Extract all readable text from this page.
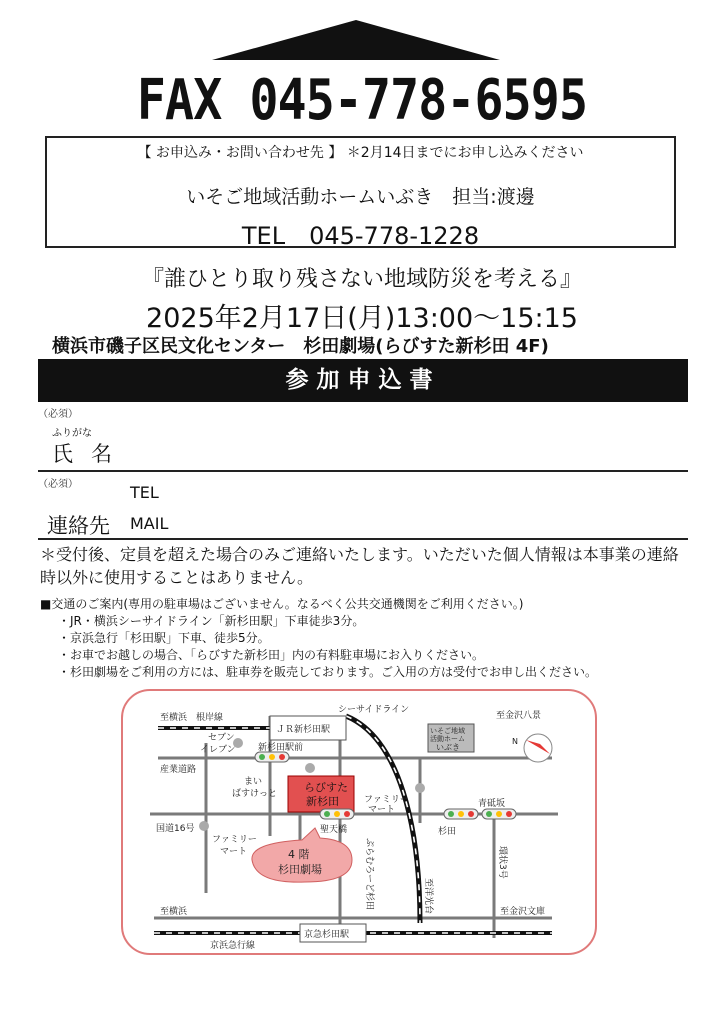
FAX 045-778-6595
【 お申込み・お問い合わせ先 】 ＊2月14日までにお申し込みください
いそご地域活動ホームいぶき　担当:渡邊
TEL　045-778-1228
『誰ひとり取り残さない地域防災を考える』
2025年2月17日(月)13:00～15:15
横浜市磯子区民文化センター　杉田劇場(らびすた新杉田 4F)
参加申込書
（必須）
ふりがな
氏名
（必須）	TEL
連絡先 MAIL
＊受付後、定員を超えた場合のみご連絡いたします。いただいた個人情報は本事業の連絡時以外に使用することはありません。
■交通のご案内(専用の駐車場はございません。なるべく公共交通機関をご利用ください。)
・JR・横浜シーサイドライン「新杉田駅」下車徒歩3分。
・京浜急行「杉田駅」下車、徒歩5分。
・お車でお越しの場合、「らびすた新杉田」内の有料駐車場にお入りください。
・杉田劇場をご利用の方には、駐車券を販売しております。ご入用の方は受付でお申し出ください。
至横浜　根岸線
ＪＲ新杉田駅
シーサイドライン
至金沢八景
N
セブン
イレブン 新杉田駅前
いそご地域
活動ホーム
いぶき
産業道路
まい
ばすけっと らびすた
新杉田	ファミリー
マート
聖天橋	杉田
青砥坂
国道16号
ファミリー
マート	4 階
杉田劇場	ぷらむろーど杉田	至洋光台
環状3号
至横浜
京急杉田駅
至金沢文庫
京浜急行線
